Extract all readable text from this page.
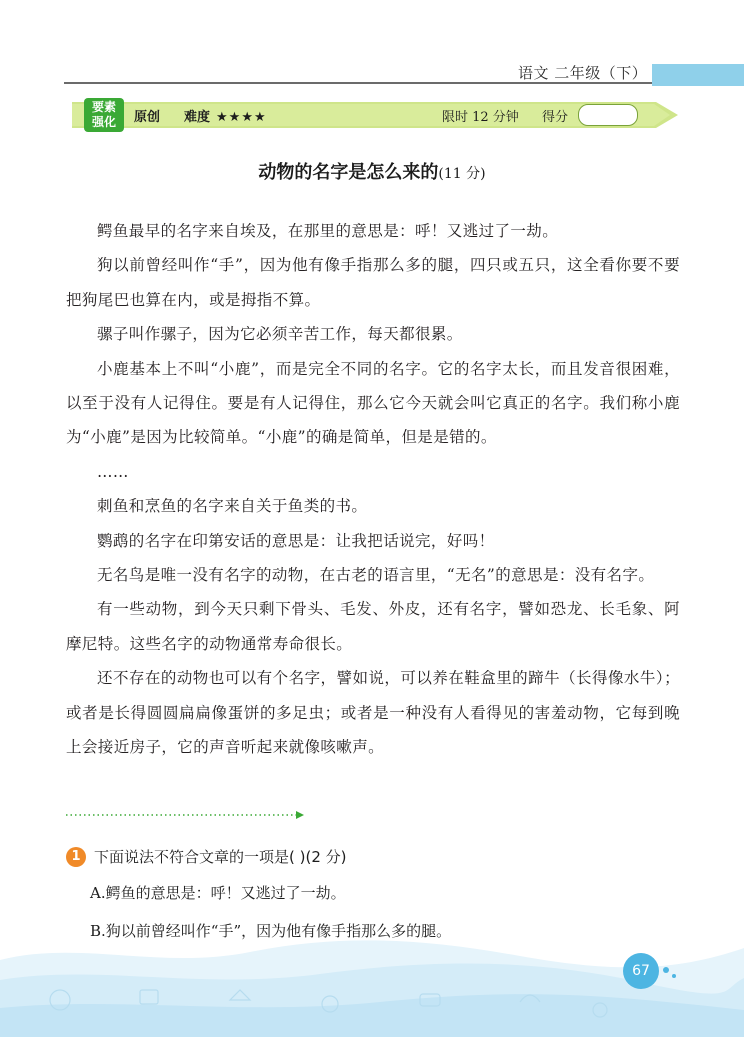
语文 二年级（下）
要素
强化	原创 难度 ★★★★	限时 12 分钟 得分
动物的名字是怎么来的(11 分)

鳄鱼最早的名字来自埃及，在那里的意思是：呼！又逃过了一劫。

狗以前曾经叫作“手”，因为他有像手指那么多的腿，四只或五只，这全看你要不要把狗尾巴也算在内，或是拇指不算。

骡子叫作骡子，因为它必须辛苦工作，每天都很累。

小鹿基本上不叫“小鹿”，而是完全不同的名字。它的名字太长，而且发音很困难，以至于没有人记得住。要是有人记得住，那么它今天就会叫它真正的名字。我们称小鹿为“小鹿”是因为比较简单。“小鹿”的确是简单，但是是错的。

……

刺鱼和烹鱼的名字来自关于鱼类的书。

鹦鹉的名字在印第安话的意思是：让我把话说完，好吗！

无名鸟是唯一没有名字的动物，在古老的语言里，“无名”的意思是：没有名字。

有一些动物，到今天只剩下骨头、毛发、外皮，还有名字，譬如恐龙、长毛象、阿摩尼特。这些名字的动物通常寿命很长。

还不存在的动物也可以有个名字，譬如说，可以养在鞋盒里的蹄牛（长得像水牛）；或者是长得圆圆扁扁像蛋饼的多足虫；或者是一种没有人看得见的害羞动物，它每到晚上会接近房子，它的声音听起来就像咳嗽声。

1 下面说法不符合文章的一项是( )(2 分)
A.鳄鱼的意思是：呼！又逃过了一劫。
B.狗以前曾经叫作“手”，因为他有像手指那么多的腿。
67
